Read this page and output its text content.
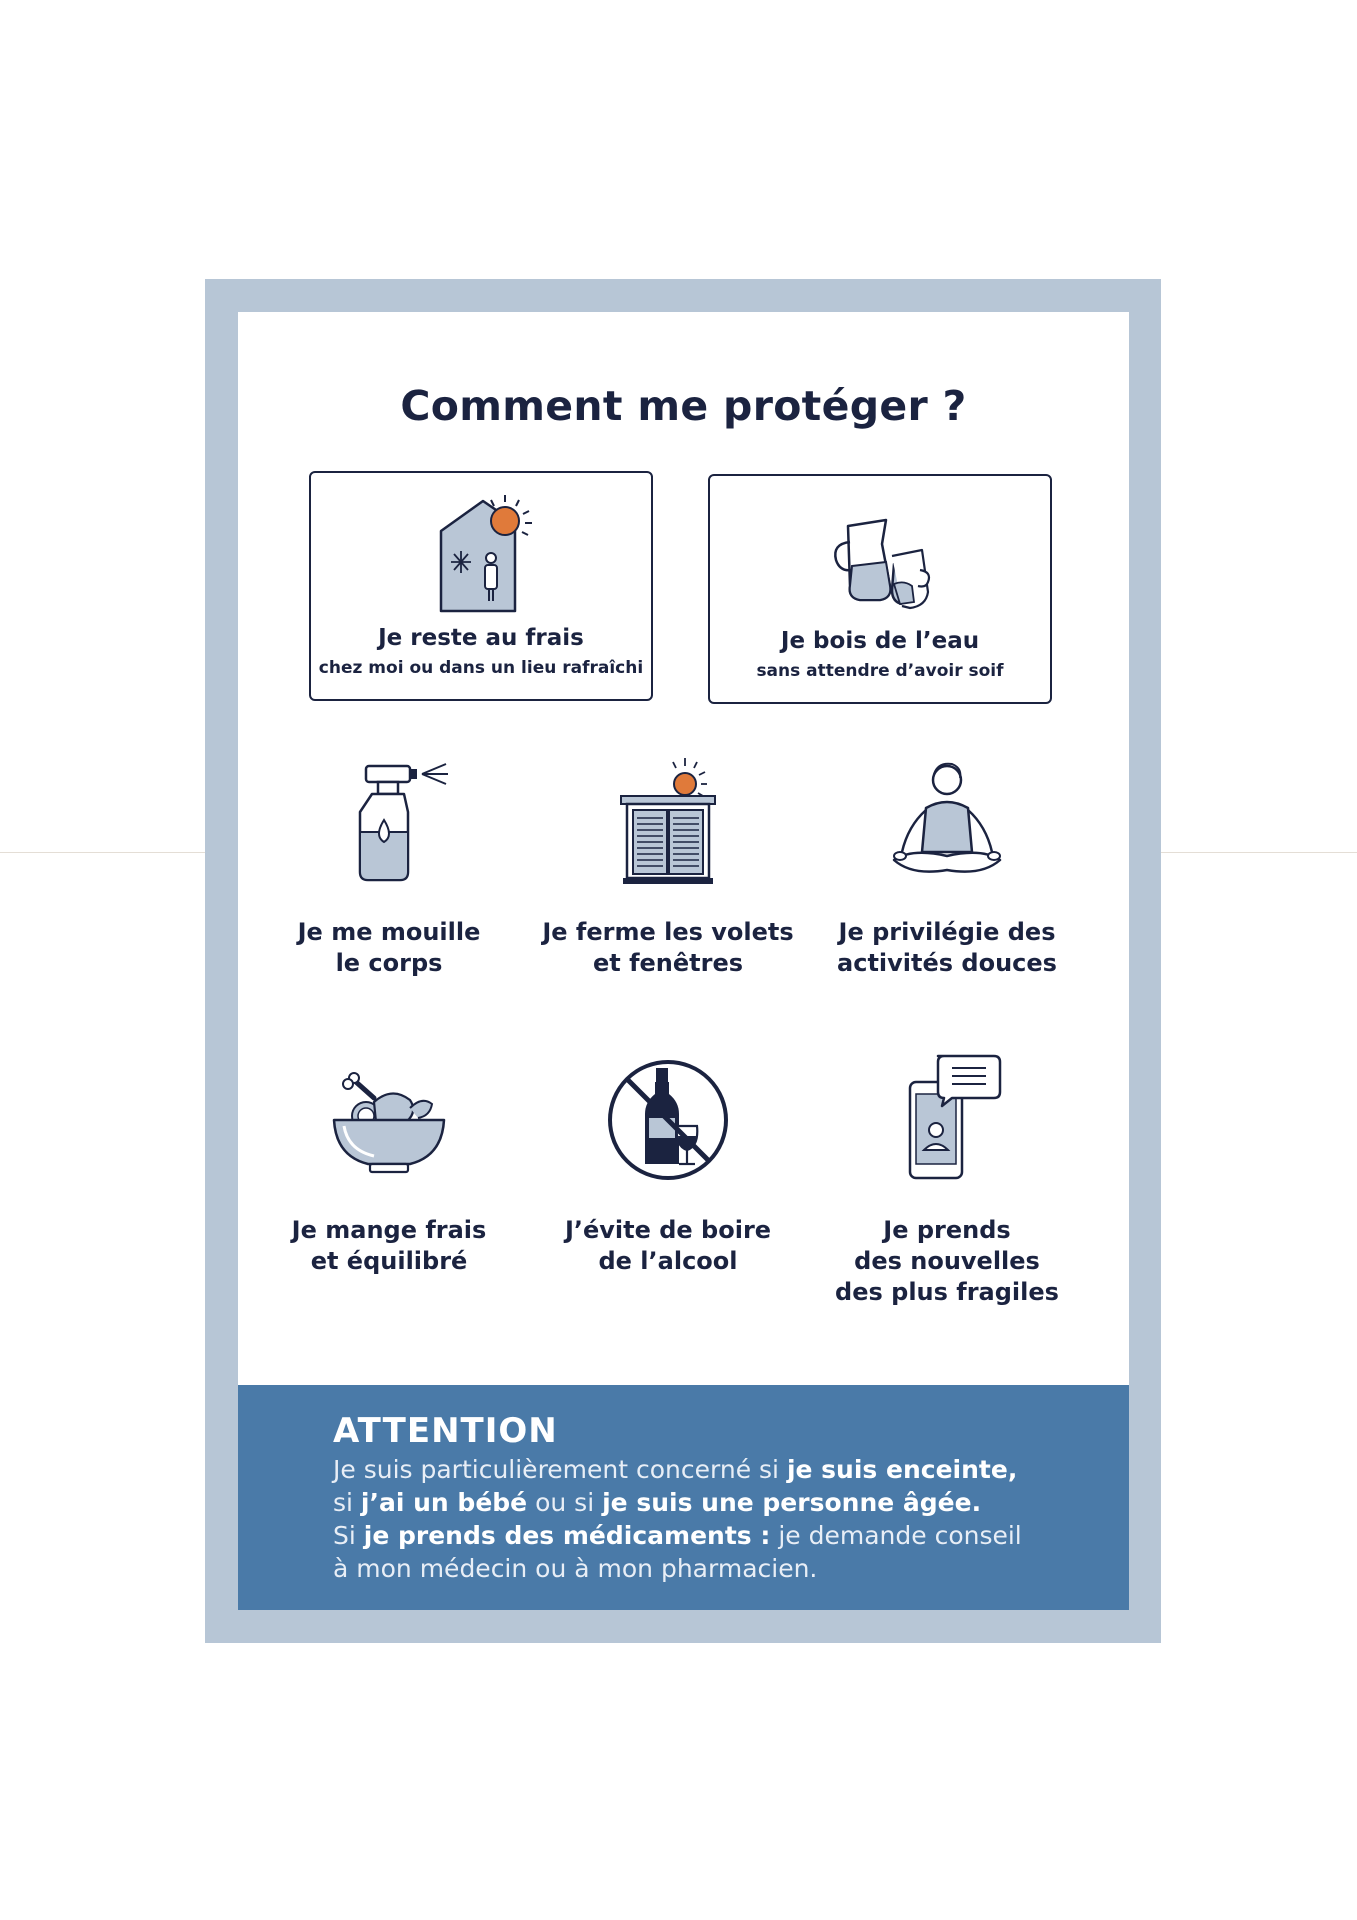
Comment me protéger ?
Je reste au frais
chez moi ou dans un lieu rafraîchi
Je bois de l’eau
sans attendre d’avoir soif
Je me mouille
le corps
Je ferme les volets
et fenêtres
Je privilégie des
activités douces
Je mange frais
et équilibré
J’évite de boire
de l’alcool
Je prends
des nouvelles
des plus fragiles
ATTENTION
Je suis particulièrement concerné si je suis enceinte,
si j’ai un bébé ou si je suis une personne âgée.
Si je prends des médicaments : je demande conseil
à mon médecin ou à mon pharmacien.
